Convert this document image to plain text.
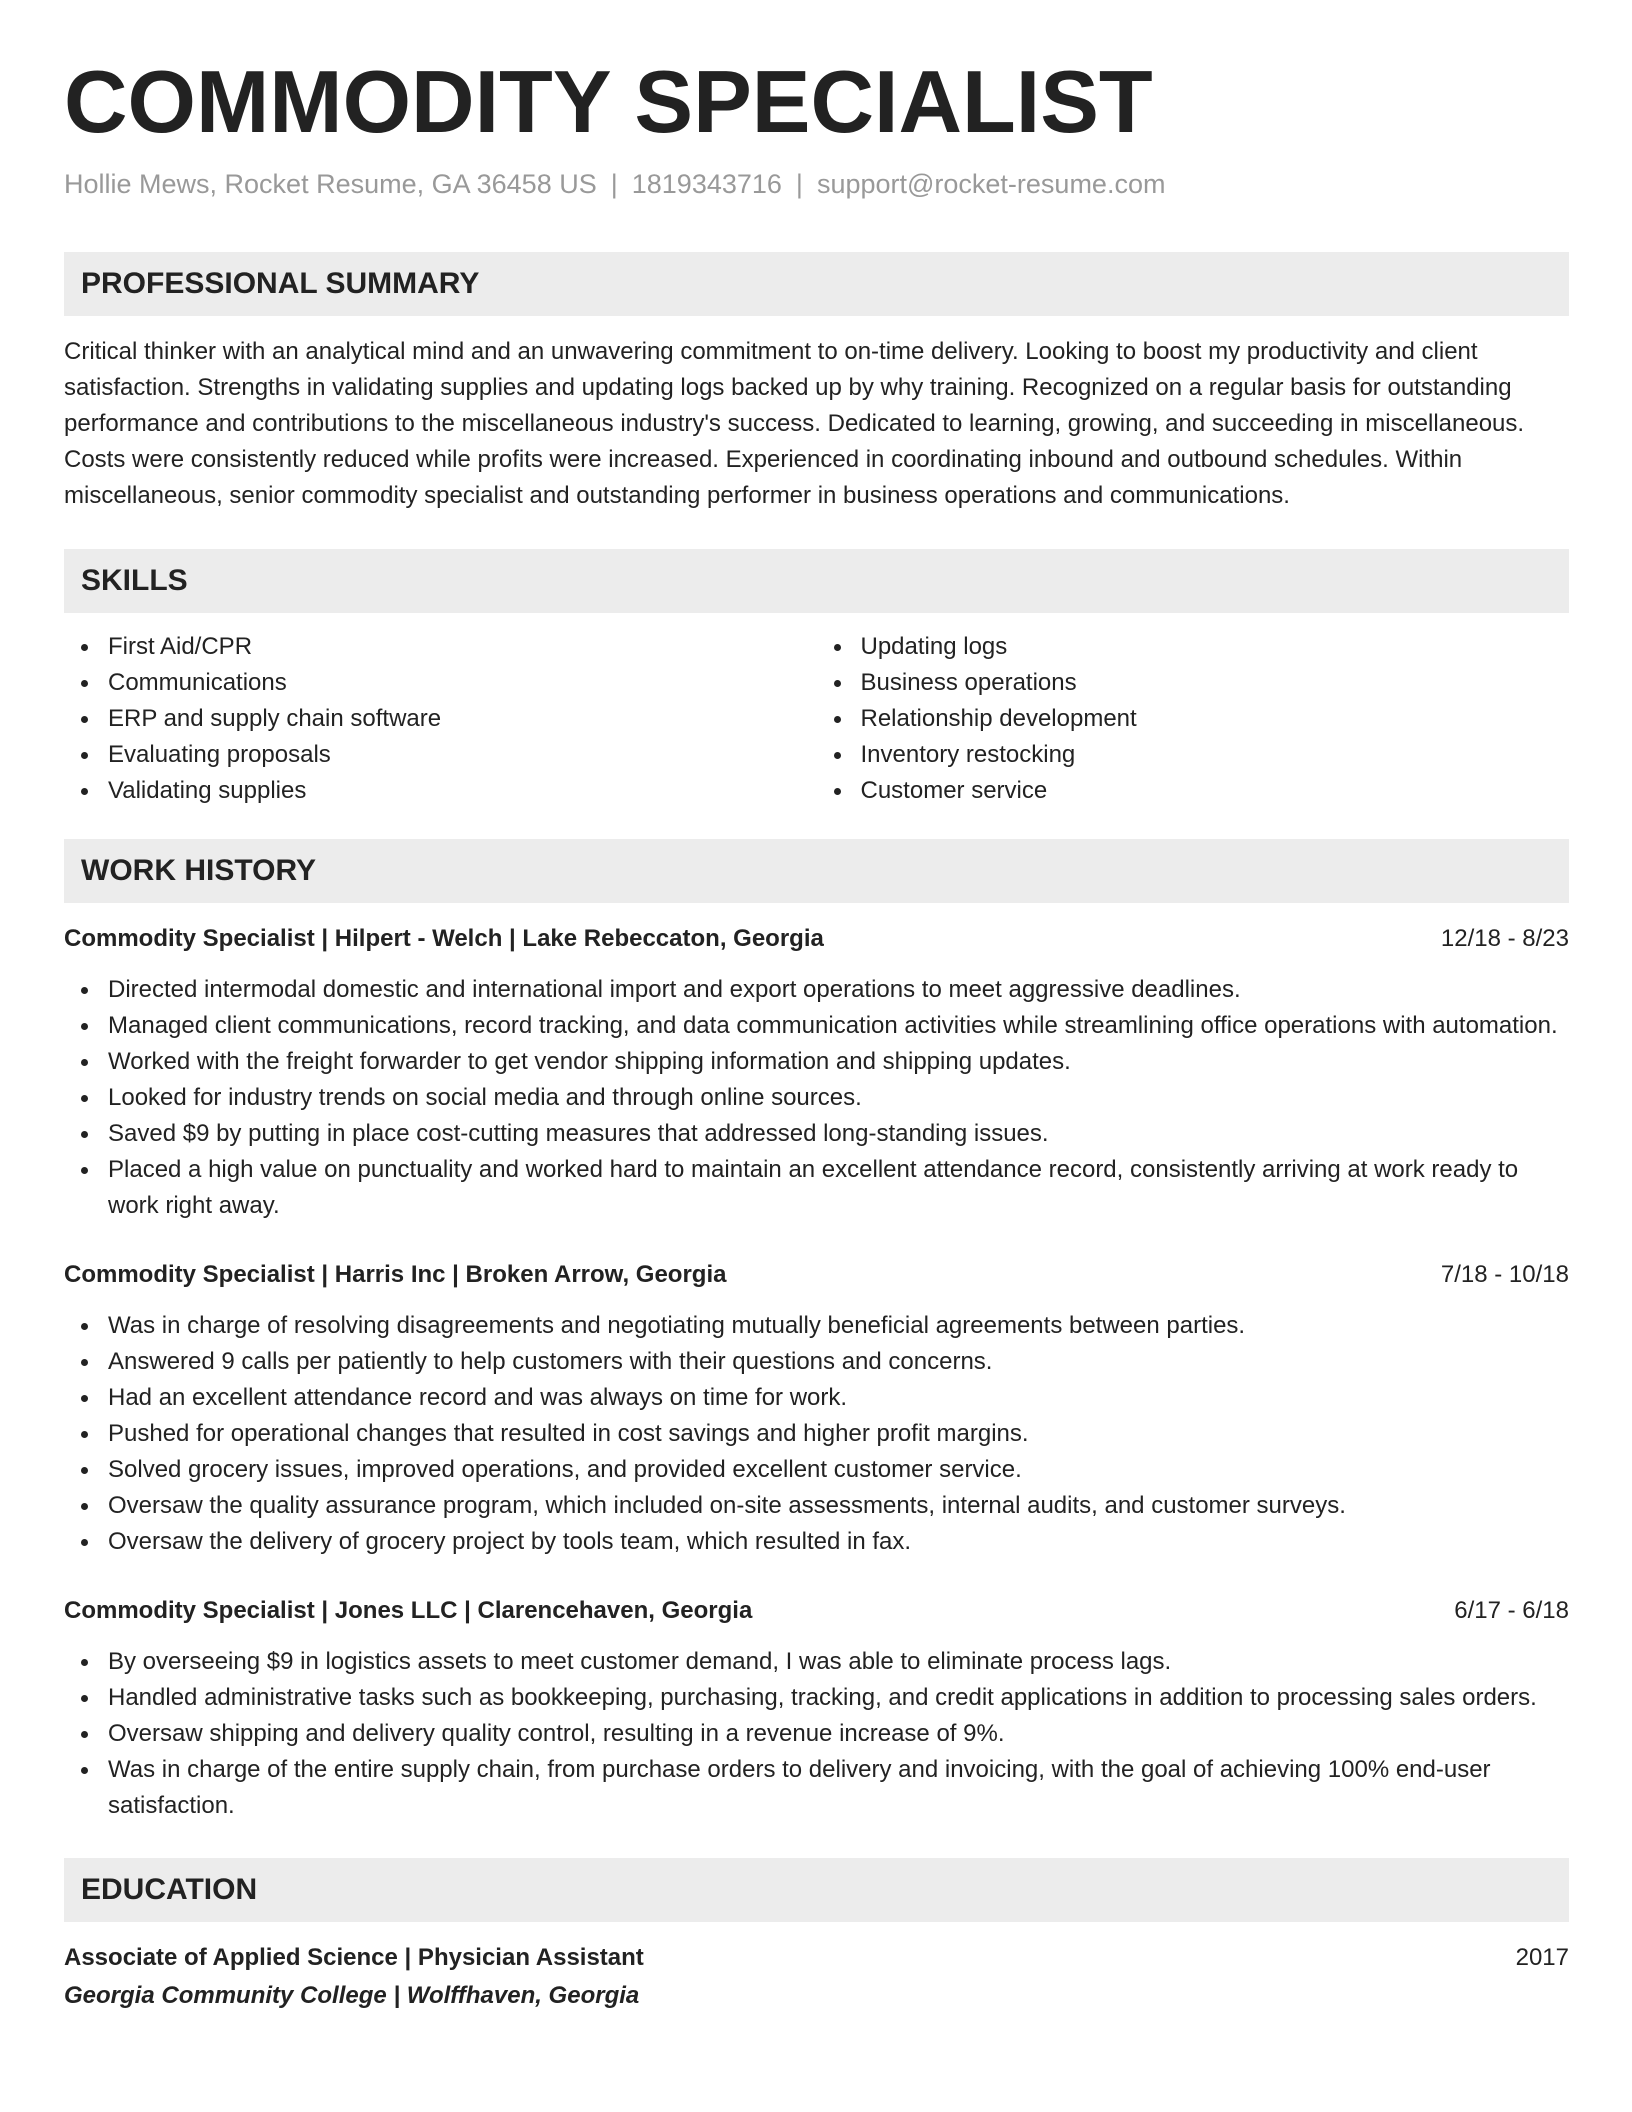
COMMODITY SPECIALIST
Hollie Mews, Rocket Resume, GA 36458 US | 1819343716 | support@rocket-resume.com
PROFESSIONAL SUMMARY

Critical thinker with an analytical mind and an unwavering commitment to on-time delivery. Looking to boost my productivity and client satisfaction. Strengths in validating supplies and updating logs backed up by why training. Recognized on a regular basis for outstanding performance and contributions to the miscellaneous industry's success. Dedicated to learning, growing, and succeeding in miscellaneous. Costs were consistently reduced while profits were increased. Experienced in coordinating inbound and outbound schedules. Within miscellaneous, senior commodity specialist and outstanding performer in business operations and communications.

SKILLS
First Aid/CPR
Communications
ERP and supply chain software
Evaluating proposals
Validating supplies
Updating logs
Business operations
Relationship development
Inventory restocking
Customer service
WORK HISTORY
Commodity Specialist | Hilpert - Welch | Lake Rebeccaton, Georgia	12/18 - 8/23
Directed intermodal domestic and international import and export operations to meet aggressive deadlines.
Managed client communications, record tracking, and data communication activities while streamlining office operations with automation.
Worked with the freight forwarder to get vendor shipping information and shipping updates.
Looked for industry trends on social media and through online sources.
Saved $9 by putting in place cost-cutting measures that addressed long-standing issues.
Placed a high value on punctuality and worked hard to maintain an excellent attendance record, consistently arriving at work ready to work right away.
Commodity Specialist | Harris Inc | Broken Arrow, Georgia	7/18 - 10/18
Was in charge of resolving disagreements and negotiating mutually beneficial agreements between parties.
Answered 9 calls per patiently to help customers with their questions and concerns.
Had an excellent attendance record and was always on time for work.
Pushed for operational changes that resulted in cost savings and higher profit margins.
Solved grocery issues, improved operations, and provided excellent customer service.
Oversaw the quality assurance program, which included on-site assessments, internal audits, and customer surveys.
Oversaw the delivery of grocery project by tools team, which resulted in fax.
Commodity Specialist | Jones LLC | Clarencehaven, Georgia	6/17 - 6/18
By overseeing $9 in logistics assets to meet customer demand, I was able to eliminate process lags.
Handled administrative tasks such as bookkeeping, purchasing, tracking, and credit applications in addition to processing sales orders.
Oversaw shipping and delivery quality control, resulting in a revenue increase of 9%.
Was in charge of the entire supply chain, from purchase orders to delivery and invoicing, with the goal of achieving 100% end-user satisfaction.
EDUCATION
Associate of Applied Science | Physician Assistant	2017
Georgia Community College | Wolffhaven, Georgia
